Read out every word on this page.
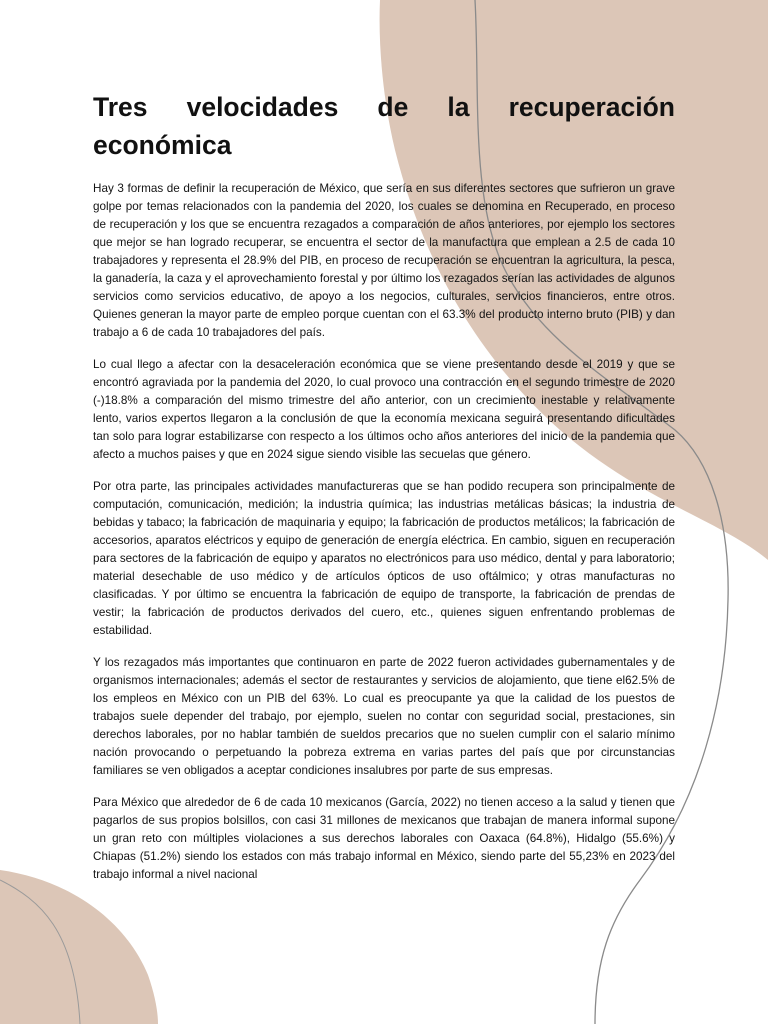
Tres velocidades de la recuperación económica

Hay 3 formas de definir la recuperación de México, que sería en sus diferentes sectores que sufrieron un grave golpe por temas relacionados con la pandemia del 2020, los cuales se denomina en Recuperado, en proceso de recuperación y los que se encuentra rezagados a comparación de años anteriores, por ejemplo los sectores que mejor se han logrado recuperar, se encuentra el sector de la manufactura que emplean a 2.5 de cada 10 trabajadores y representa el 28.9% del PIB, en proceso de recuperación se encuentran la agricultura, la pesca, la ganadería, la caza y el aprovechamiento forestal y por último los rezagados serían las actividades de algunos servicios como servicios educativo, de apoyo a los negocios, culturales, servicios financieros, entre otros. Quienes generan la mayor parte de empleo porque cuentan con el 63.3% del producto interno bruto (PIB) y dan trabajo a 6 de cada 10 trabajadores del país.

Lo cual llego a afectar con la desaceleración económica que se viene presentando desde el 2019 y que se encontró agraviada por la pandemia del 2020, lo cual provoco una contracción en el segundo trimestre de 2020 (-)18.8% a comparación del mismo trimestre del año anterior, con un crecimiento inestable y relativamente lento, varios expertos llegaron a la conclusión de que la economía mexicana seguirá presentando dificultades tan solo para lograr estabilizarse con respecto a los últimos ocho años anteriores del inicio de la pandemia que afecto a muchos paises y que en 2024 sigue siendo visible las secuelas que género.

Por otra parte, las principales actividades manufactureras que se han podido recupera son principalmente de computación, comunicación, medición; la industria química; las industrias metálicas básicas; la industria de bebidas y tabaco; la fabricación de maquinaria y equipo; la fabricación de productos metálicos; la fabricación de accesorios, aparatos eléctricos y equipo de generación de energía eléctrica. En cambio, siguen en recuperación para sectores de la fabricación de equipo y aparatos no electrónicos para uso médico, dental y para laboratorio; material desechable de uso médico y de artículos ópticos de uso oftálmico; y otras manufacturas no clasificadas. Y por último se encuentra la fabricación de equipo de transporte, la fabricación de prendas de vestir; la fabricación de productos derivados del cuero, etc., quienes siguen enfrentando problemas de estabilidad.

Y los rezagados más importantes que continuaron en parte de 2022 fueron actividades gubernamentales y de organismos internacionales; además el sector de restaurantes y servicios de alojamiento, que tiene el62.5% de los empleos en México con un PIB del 63%. Lo cual es preocupante ya que la calidad de los puestos de trabajos suele depender del trabajo, por ejemplo, suelen no contar con seguridad social, prestaciones, sin derechos laborales, por no hablar también de sueldos precarios que no suelen cumplir con el salario mínimo nación provocando o perpetuando la pobreza extrema en varias partes del país que por circunstancias familiares se ven obligados a aceptar condiciones insalubres por parte de sus empresas.

Para México que alrededor de 6 de cada 10 mexicanos (García, 2022) no tienen acceso a la salud y tienen que pagarlos de sus propios bolsillos, con casi 31 millones de mexicanos que trabajan de manera informal supone un gran reto con múltiples violaciones a sus derechos laborales con Oaxaca (64.8%), Hidalgo (55.6%) y Chiapas (51.2%) siendo los estados con más trabajo informal en México, siendo parte del 55,23% en 2023 del trabajo informal a nivel nacional
